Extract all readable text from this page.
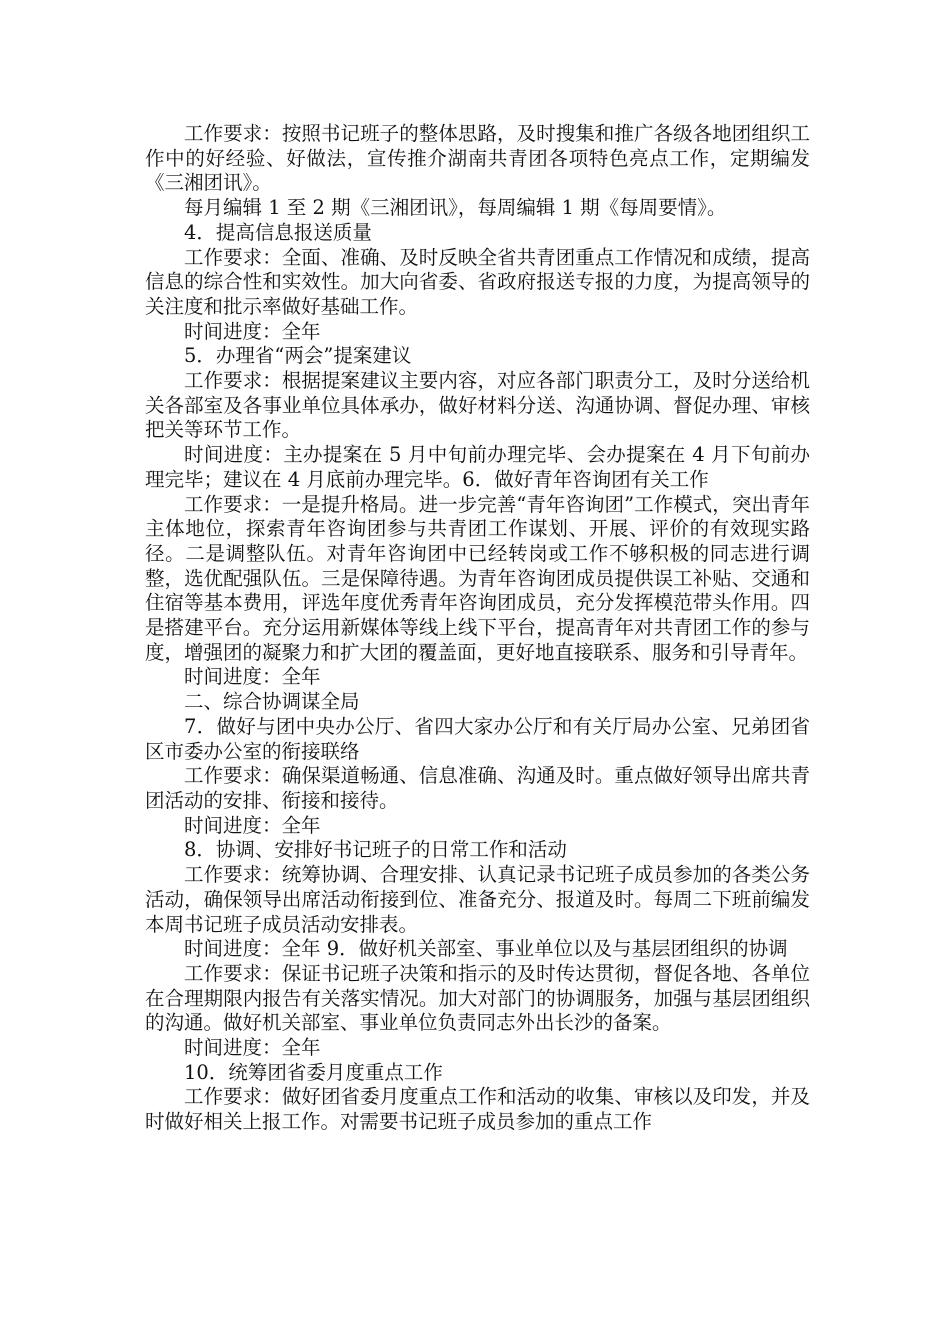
工作要求：按照书记班子的整体思路，及时搜集和推广各级各地团组织工作中的好经验、好做法，宣传推介湖南共青团各项特色亮点工作，定期编发《三湘团讯》。

每月编辑 1 至 2 期《三湘团讯》，每周编辑 1 期《每周要情》。

4．提高信息报送质量

工作要求：全面、准确、及时反映全省共青团重点工作情况和成绩，提高信息的综合性和实效性。加大向省委、省政府报送专报的力度，为提高领导的关注度和批示率做好基础工作。

时间进度：全年

5．办理省“两会”提案建议

工作要求：根据提案建议主要内容，对应各部门职责分工，及时分送给机关各部室及各事业单位具体承办，做好材料分送、沟通协调、督促办理、审核把关等环节工作。

时间进度：主办提案在 5 月中旬前办理完毕、会办提案在 4 月下旬前办理完毕；建议在 4 月底前办理完毕。6．做好青年咨询团有关工作

工作要求：一是提升格局。进一步完善“青年咨询团”工作模式，突出青年主体地位，探索青年咨询团参与共青团工作谋划、开展、评价的有效现实路径。二是调整队伍。对青年咨询团中已经转岗或工作不够积极的同志进行调整，选优配强队伍。三是保障待遇。为青年咨询团成员提供误工补贴、交通和住宿等基本费用，评选年度优秀青年咨询团成员，充分发挥模范带头作用。四是搭建平台。充分运用新媒体等线上线下平台，提高青年对共青团工作的参与度，增强团的凝聚力和扩大团的覆盖面，更好地直接联系、服务和引导青年。

时间进度：全年

二、综合协调谋全局

7．做好与团中央办公厅、省四大家办公厅和有关厅局办公室、兄弟团省区市委办公室的衔接联络

工作要求：确保渠道畅通、信息准确、沟通及时。重点做好领导出席共青团活动的安排、衔接和接待。

时间进度：全年

8．协调、安排好书记班子的日常工作和活动

工作要求：统筹协调、合理安排、认真记录书记班子成员参加的各类公务活动，确保领导出席活动衔接到位、准备充分、报道及时。每周二下班前编发本周书记班子成员活动安排表。

时间进度：全年 9．做好机关部室、事业单位以及与基层团组织的协调

工作要求：保证书记班子决策和指示的及时传达贯彻，督促各地、各单位在合理期限内报告有关落实情况。加大对部门的协调服务，加强与基层团组织的沟通。做好机关部室、事业单位负责同志外出长沙的备案。

时间进度：全年

10．统筹团省委月度重点工作

工作要求：做好团省委月度重点工作和活动的收集、审核以及印发，并及时做好相关上报工作。对需要书记班子成员参加的重点工作
